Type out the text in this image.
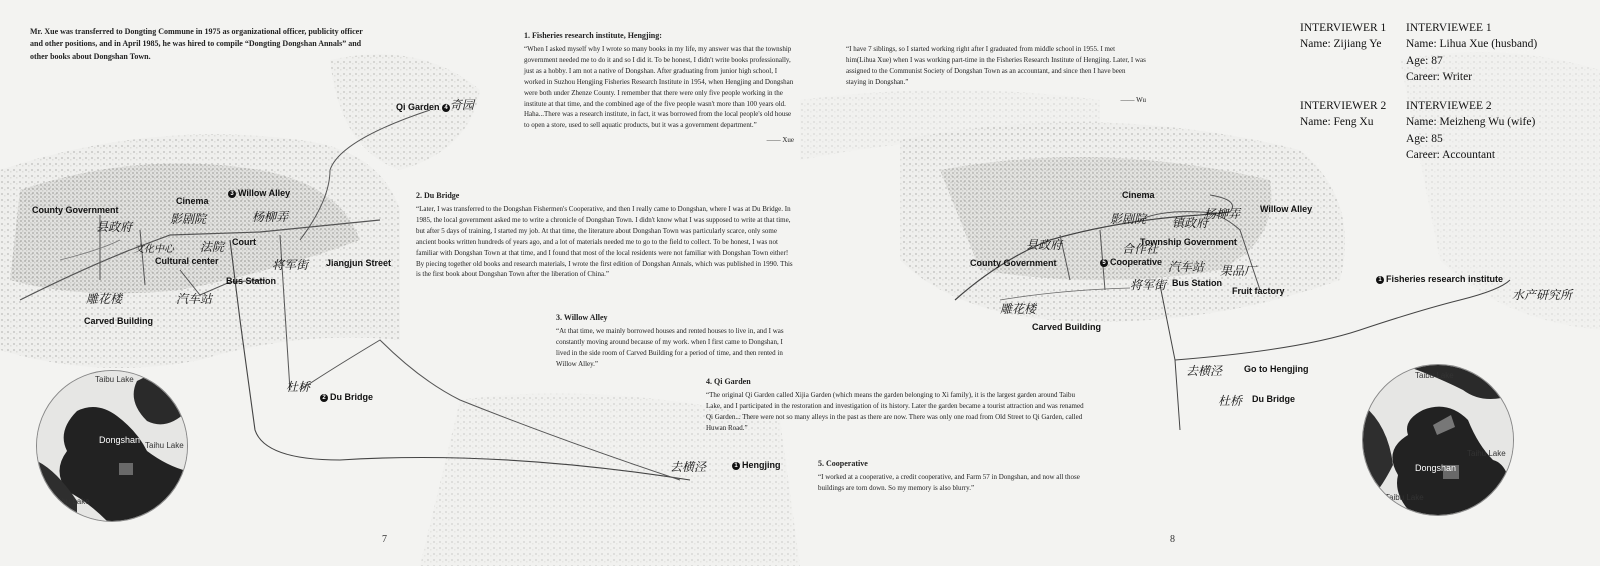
Mr. Xue was transferred to Dongting Commune in 1975 as organizational officer, publicity officer and other positions, and in April 1985, he was hired to compile “Dongting Dongshan Annals” and other books about Dongshan Town.
County Government
Cinema
3 Willow Alley
Qi Garden 4
Court
Cultural center
Bus Station
Jiangjun Street
Carved Building
2 Du Bridge
1 Hengjing
奇园
影剧院	杨柳弄
县政府
法院
将军街
雕花楼	汽车站
杜桥
去横泾
文化中心
Taibu Lake
Taihu Lake
aibu Lake
Dongshan
1. Fisheries research institute, Hengjing:
“When I asked myself why I wrote so many books in my life, my answer was that the township government needed me to do it and so I did it. To be honest, I didn't write books professionally, just as a hobby. I am not a native of Dongshan. After graduating from junior high school, I worked in Suzhou Hengjing Fisheries Research Institute in 1954, when Hengjing and Dongshan were both under Zhenze County. I remember that there were only five people working in the institute at that time, and the combined age of the five people wasn't more than 100 years old. Haha...There was a research institute, in fact, it was borrowed from the local people's old house to open a store, used to sell aquatic products, but it was a government department.”
—— Xue
2. Du Bridge
“Later, I was transferred to the Dongshan Fishermen's Cooperative, and then I really came to Dongshan, where I was at Du Bridge. In 1985, the local government asked me to write a chronicle of Dongshan Town. I didn't know what I was supposed to write at that time, but after 5 days of training, I started my job. At that time, the literature about Dongshan Town was particularly scarce, only some ancient books written hundreds of years ago, and a lot of materials needed me to go to the field to collect. To be honest, I was not familiar with Dongshan Town at that time, and I found that most of the local residents were not familiar with Dongshan Town either! By piecing together old books and research materials, I wrote the first edition of Dongshan Annals, which was published in 1990. This is the first book about Dongshan Town after the liberation of China.”
3. Willow Alley
“At that time, we mainly borrowed houses and rented houses to live in, and I was constantly moving around because of my work. when I first came to Dongshan, I lived in the side room of Carved Building for a period of time, and then rented in Willow Alley.”
7
“I have 7 siblings, so I started working right after I graduated from middle school in 1955. I met him(Lihua Xue) when I was working part-time in the Fisheries Research Institute of Hengjing. Later, I was assigned to the Communist Society of Dongshan Town as an accountant, and since then I have been staying in Dongshan.”
—— Wu
INTERVIEWER 1
Name: Zijiang Ye
INTERVIEWEE 1
Name: Lihua Xue (husband)
Age: 87
Career: Writer
INTERVIEWER 2
Name: Feng Xu
INTERVIEWEE 2
Name: Meizheng Wu (wife)
Age: 85
Career: Accountant
Cinema
Willow Alley
Township Government
County Government	5 Cooperative
Bus Station
Fruit factory
1 Fisheries research institute
Carved Building
Go to Hengjing
Du Bridge
影剧院
县政府
镇政府
杨柳弄
合作社
汽车站 果品厂
雕花楼
去横泾
杜桥
水产研究所
将军街
Taibu Lake
Taihu Lake
Taibu Lake
Dongshan
8
4. Qi Garden
“The original Qi Garden called Xijia Garden (which means the garden belonging to Xi family), it is the largest garden around Taibu Lake, and I participated in the restoration and investigation of its history. Later the garden became a tourist attraction and was renamed Qi Garden... There were not so many alleys in the past as there are now. There was only one road from Old Street to Qi Garden, called Huwan Road.”
5. Cooperative
“I worked at a cooperative, a credit cooperative, and Farm 57 in Dongshan, and now all those buildings are torn down. So my memory is also blurry.”
